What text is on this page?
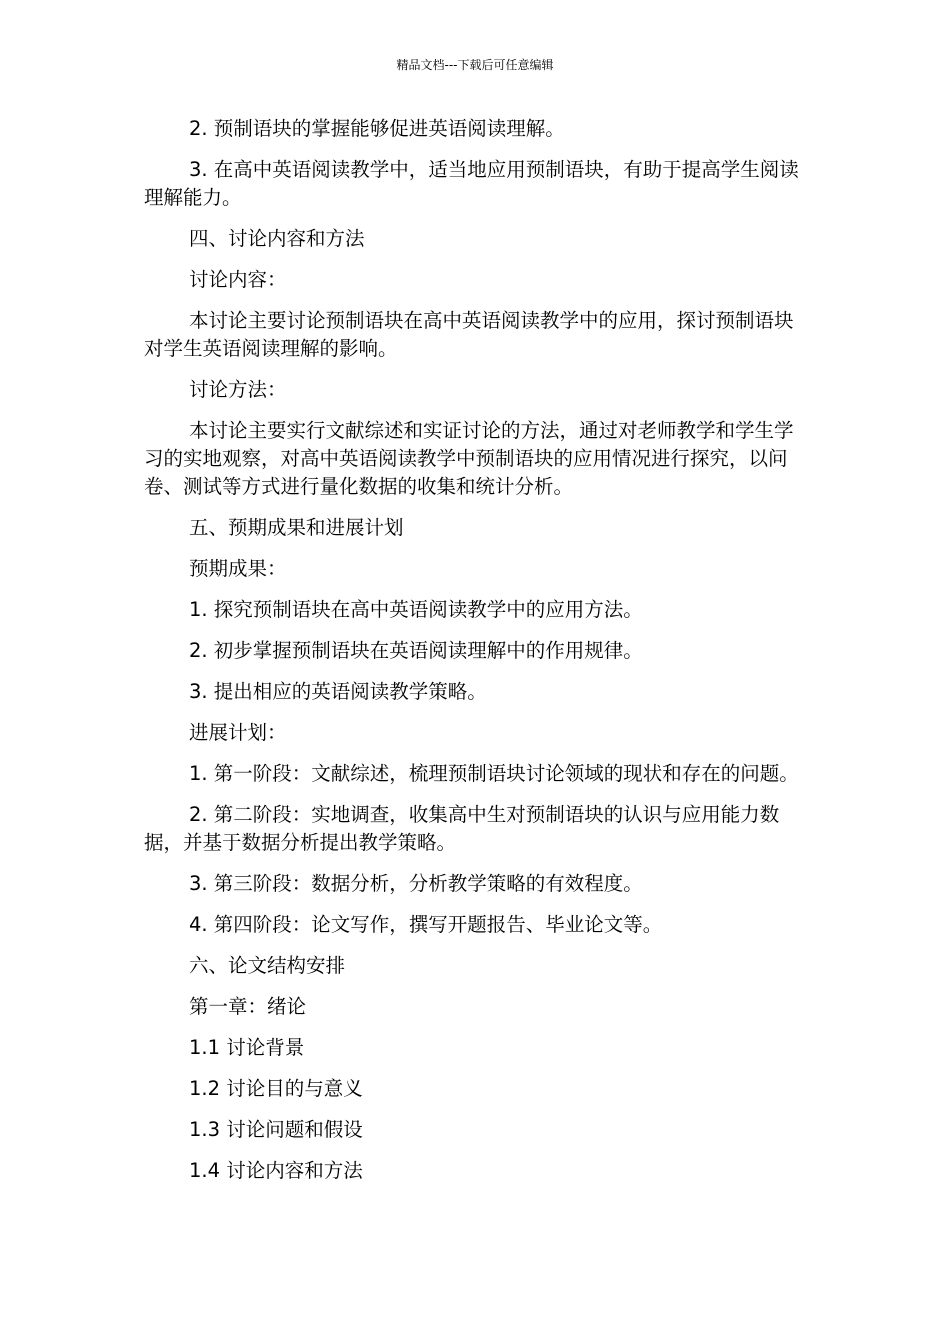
精品文档---下载后可任意编辑

2. 预制语块的掌握能够促进英语阅读理解。

3. 在高中英语阅读教学中，适当地应用预制语块，有助于提高学生阅读理解能力。

四、讨论内容和方法

讨论内容：

本讨论主要讨论预制语块在高中英语阅读教学中的应用，探讨预制语块对学生英语阅读理解的影响。

讨论方法：

本讨论主要实行文献综述和实证讨论的方法，通过对老师教学和学生学习的实地观察，对高中英语阅读教学中预制语块的应用情况进行探究，以问卷、测试等方式进行量化数据的收集和统计分析。

五、预期成果和进展计划

预期成果：

1. 探究预制语块在高中英语阅读教学中的应用方法。

2. 初步掌握预制语块在英语阅读理解中的作用规律。

3. 提出相应的英语阅读教学策略。

进展计划：

1. 第一阶段：文献综述，梳理预制语块讨论领域的现状和存在的问题。

2. 第二阶段：实地调查，收集高中生对预制语块的认识与应用能力数据，并基于数据分析提出教学策略。

3. 第三阶段：数据分析，分析教学策略的有效程度。

4. 第四阶段：论文写作，撰写开题报告、毕业论文等。

六、论文结构安排

第一章：绪论

1.1 讨论背景

1.2 讨论目的与意义

1.3 讨论问题和假设

1.4 讨论内容和方法
